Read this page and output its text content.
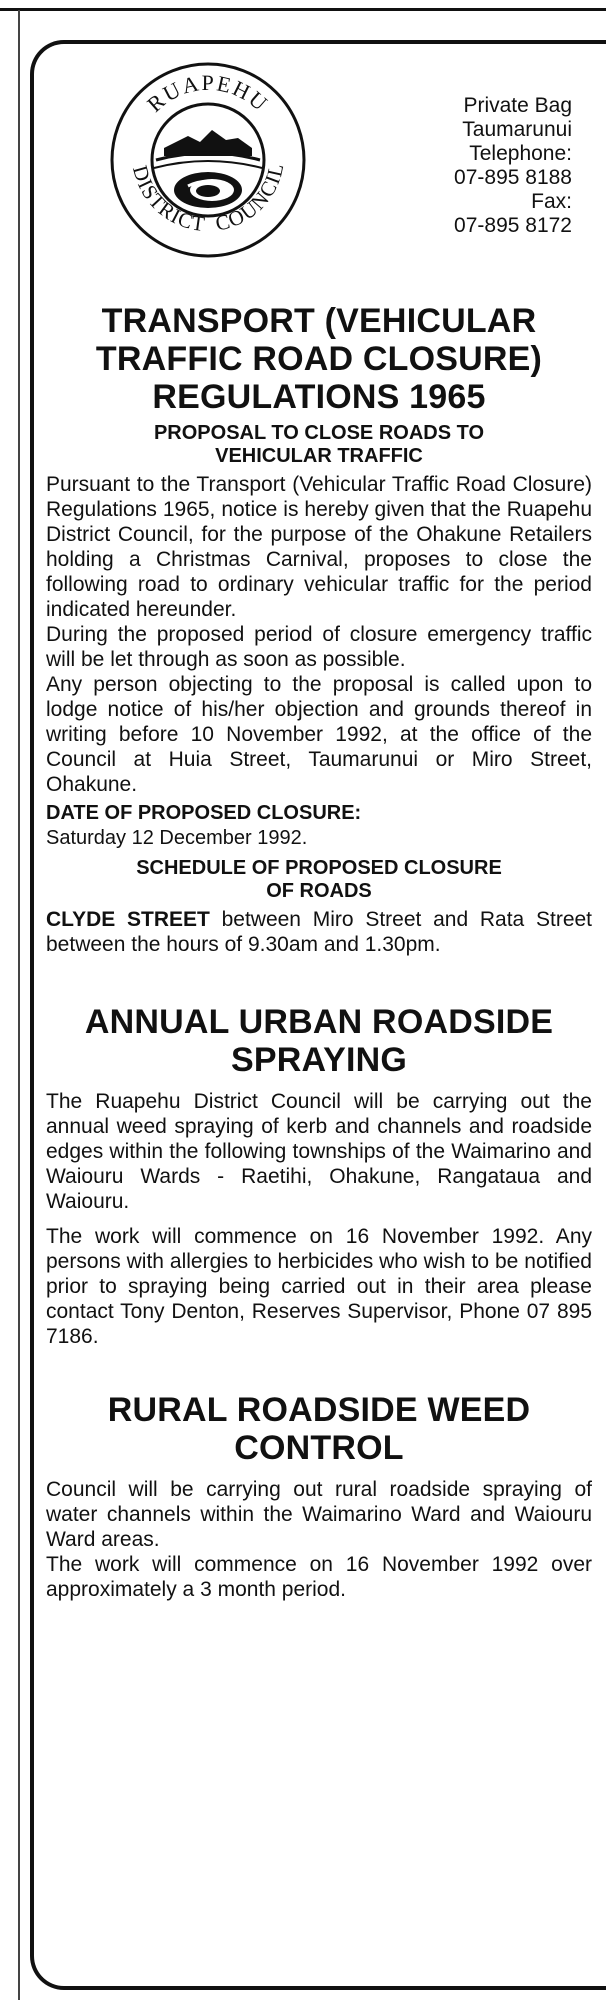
RUAPEHU
DISTRICT COUNCIL
Private Bag
Taumarunui
Telephone:
07-895 8188
Fax:
07-895 8172
TRANSPORT (VEHICULAR
TRAFFIC ROAD CLOSURE)
REGULATIONS 1965
PROPOSAL TO CLOSE ROADS TO
VEHICULAR TRAFFIC

Pursuant to the Transport (Vehicular Traffic Road Closure) Regulations 1965, notice is hereby given that the Ruapehu District Council, for the purpose of the Ohakune Retailers holding a Christmas Carnival, proposes to close the following road to ordinary vehicular traffic for the period indicated hereunder.

During the proposed period of closure emergency traffic will be let through as soon as possible.

Any person objecting to the proposal is called upon to lodge notice of his/her objection and grounds thereof in writing before 10 November 1992, at the office of the Council at Huia Street, Taumarunui or Miro Street, Ohakune.

DATE OF PROPOSED CLOSURE:
Saturday 12 December 1992.
SCHEDULE OF PROPOSED CLOSURE
OF ROADS

CLYDE STREET between Miro Street and Rata Street between the hours of 9.30am and 1.30pm.

ANNUAL URBAN ROADSIDE
SPRAYING

The Ruapehu District Council will be carrying out the annual weed spraying of kerb and channels and roadside edges within the following townships of the Waimarino and Waiouru Wards - Raetihi, Ohakune, Rangataua and Waiouru.

The work will commence on 16 November 1992. Any persons with allergies to herbicides who wish to be notified prior to spraying being carried out in their area please contact Tony Denton, Reserves Supervisor, Phone 07 895 7186.

RURAL ROADSIDE WEED
CONTROL

Council will be carrying out rural roadside spraying of water channels within the Waimarino Ward and Waiouru Ward areas.

The work will commence on 16 November 1992 over approximately a 3 month period.
